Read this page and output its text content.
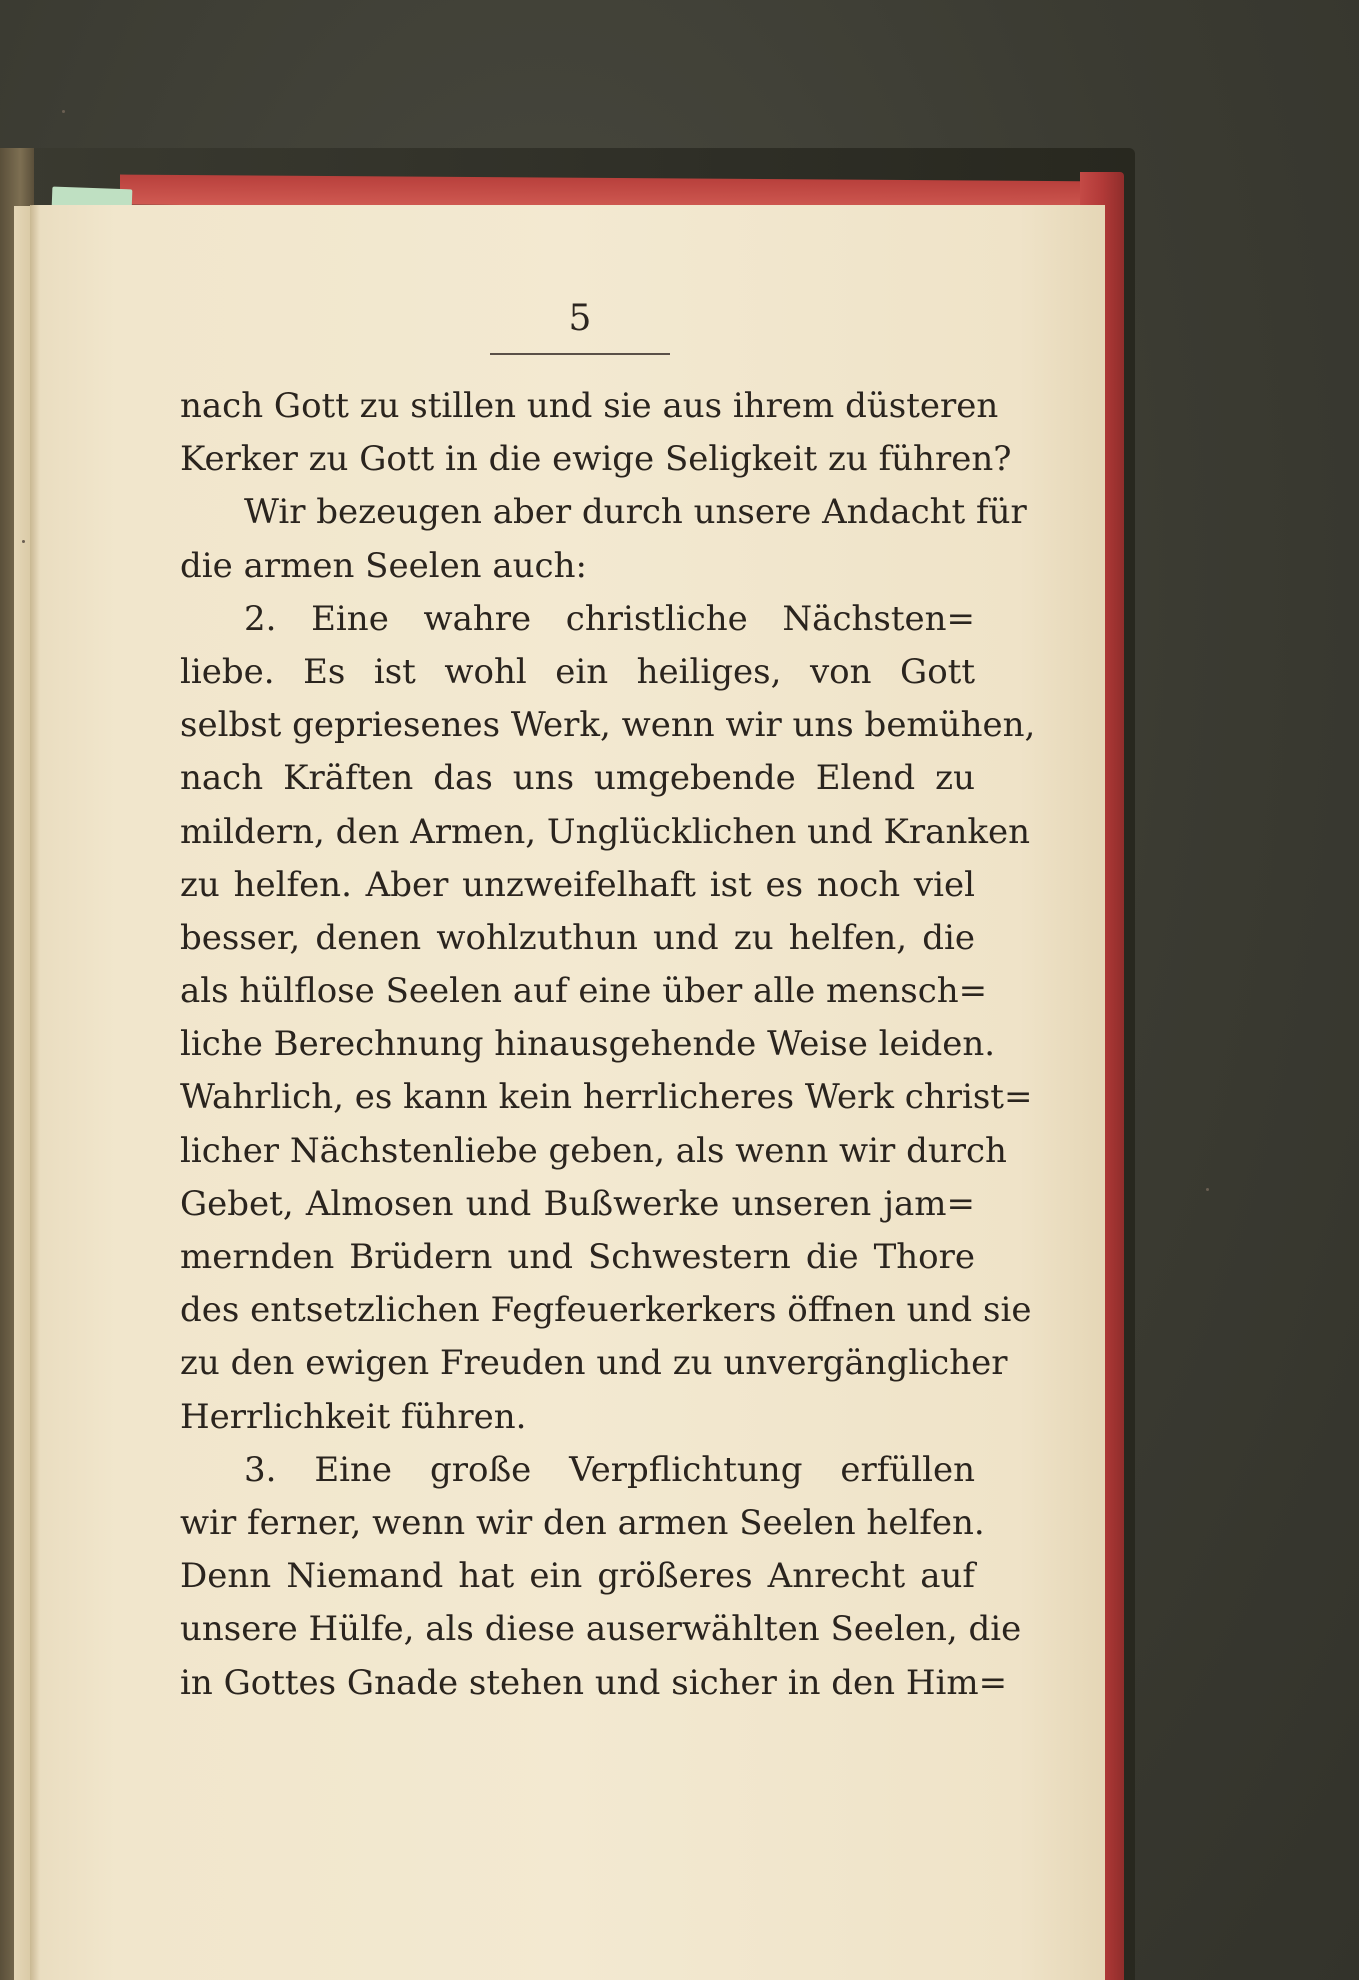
5
nach Gott zu stillen und sie aus ihrem düsteren
Kerker zu Gott in die ewige Seligkeit zu führen?
Wir bezeugen aber durch unsere Andacht für
die armen Seelen auch:
2. Eine wahre christliche Nächsten=
liebe. Es ist wohl ein heiliges, von Gott
selbst gepriesenes Werk, wenn wir uns bemühen,
nach Kräften das uns umgebende Elend zu
mildern, den Armen, Unglücklichen und Kranken
zu helfen. Aber unzweifelhaft ist es noch viel
besser, denen wohlzuthun und zu helfen, die
als hülflose Seelen auf eine über alle mensch=
liche Berechnung hinausgehende Weise leiden.
Wahrlich, es kann kein herrlicheres Werk christ=
licher Nächstenliebe geben, als wenn wir durch
Gebet, Almosen und Bußwerke unseren jam=
mernden Brüdern und Schwestern die Thore
des entsetzlichen Fegfeuerkerkers öffnen und sie
zu den ewigen Freuden und zu unvergänglicher
Herrlichkeit führen.
3. Eine große Verpflichtung erfüllen
wir ferner, wenn wir den armen Seelen helfen.
Denn Niemand hat ein größeres Anrecht auf
unsere Hülfe, als diese auserwählten Seelen, die
in Gottes Gnade stehen und sicher in den Him=
